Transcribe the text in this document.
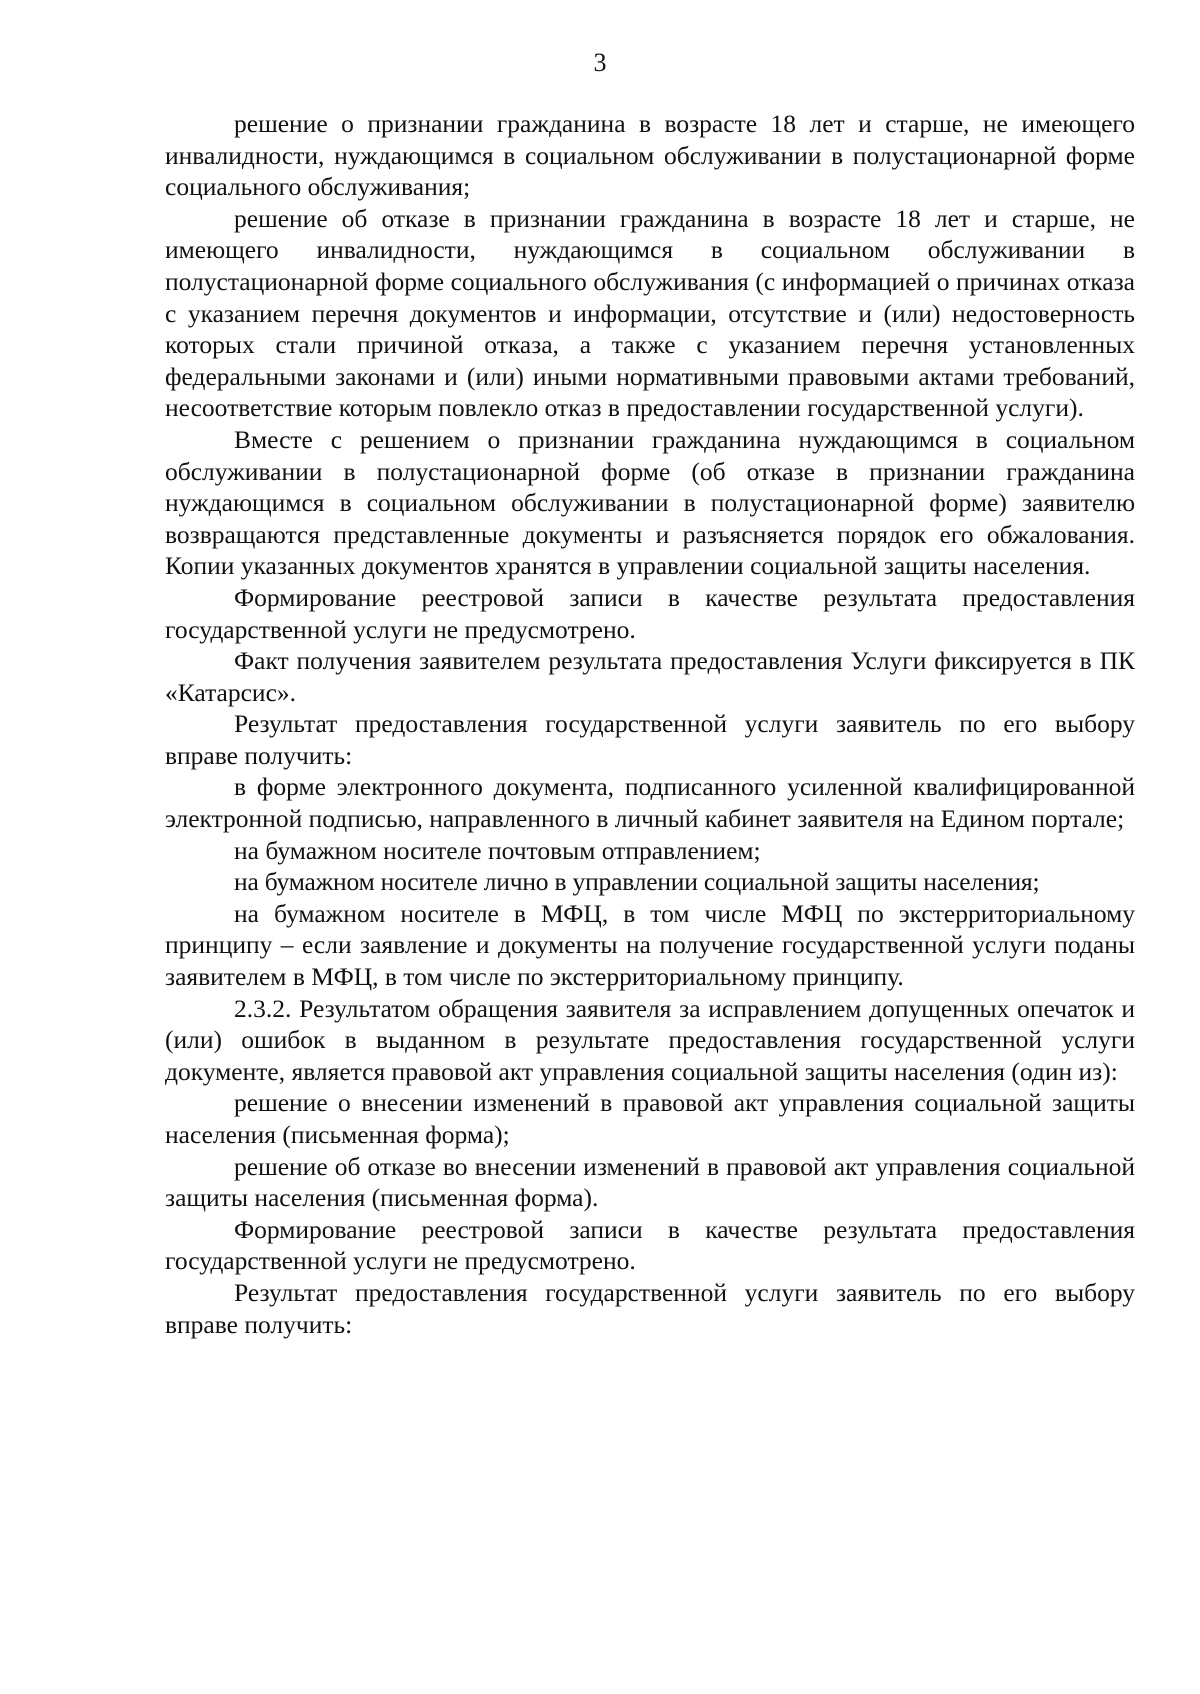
3

решение о признании гражданина в возрасте 18 лет и старше, не имеющего инвалидности, нуждающимся в социальном обслуживании в полустационарной форме социального обслуживания;

решение об отказе в признании гражданина в возрасте 18 лет и старше, не имеющего инвалидности, нуждающимся в социальном обслуживании в полустационарной форме социального обслуживания (с информацией о причинах отказа с указанием перечня документов и информации, отсутствие и (или) недостоверность которых стали причиной отказа, а также с указанием перечня установленных федеральными законами и (или) иными нормативными правовыми актами требований, несоответствие которым повлекло отказ в предоставлении государственной услуги).

Вместе с решением о признании гражданина нуждающимся в социальном обслуживании в полустационарной форме (об отказе в признании гражданина нуждающимся в социальном обслуживании в полустационарной форме) заявителю возвращаются представленные документы и разъясняется порядок его обжалования. Копии указанных документов хранятся в управлении социальной защиты населения.

Формирование реестровой записи в качестве результата предоставления государственной услуги не предусмотрено.

Факт получения заявителем результата предоставления Услуги фиксируется в ПК «Катарсис».

Результат предоставления государственной услуги заявитель по его выбору вправе получить:

в форме электронного документа, подписанного усиленной квалифицированной электронной подписью, направленного в личный кабинет заявителя на Едином портале;

на бумажном носителе почтовым отправлением;

на бумажном носителе лично в управлении социальной защиты населения;

на бумажном носителе в МФЦ, в том числе МФЦ по экстерриториальному принципу – если заявление и документы на получение государственной услуги поданы заявителем в МФЦ, в том числе по экстерриториальному принципу.

2.3.2. Результатом обращения заявителя за исправлением допущенных опечаток и (или) ошибок в выданном в результате предоставления государственной услуги документе, является правовой акт управления социальной защиты населения (один из):

решение о внесении изменений в правовой акт управления социальной защиты населения (письменная форма);

решение об отказе во внесении изменений в правовой акт управления социальной защиты населения (письменная форма).

Формирование реестровой записи в качестве результата предоставления государственной услуги не предусмотрено.

Результат предоставления государственной услуги заявитель по его выбору вправе получить:
